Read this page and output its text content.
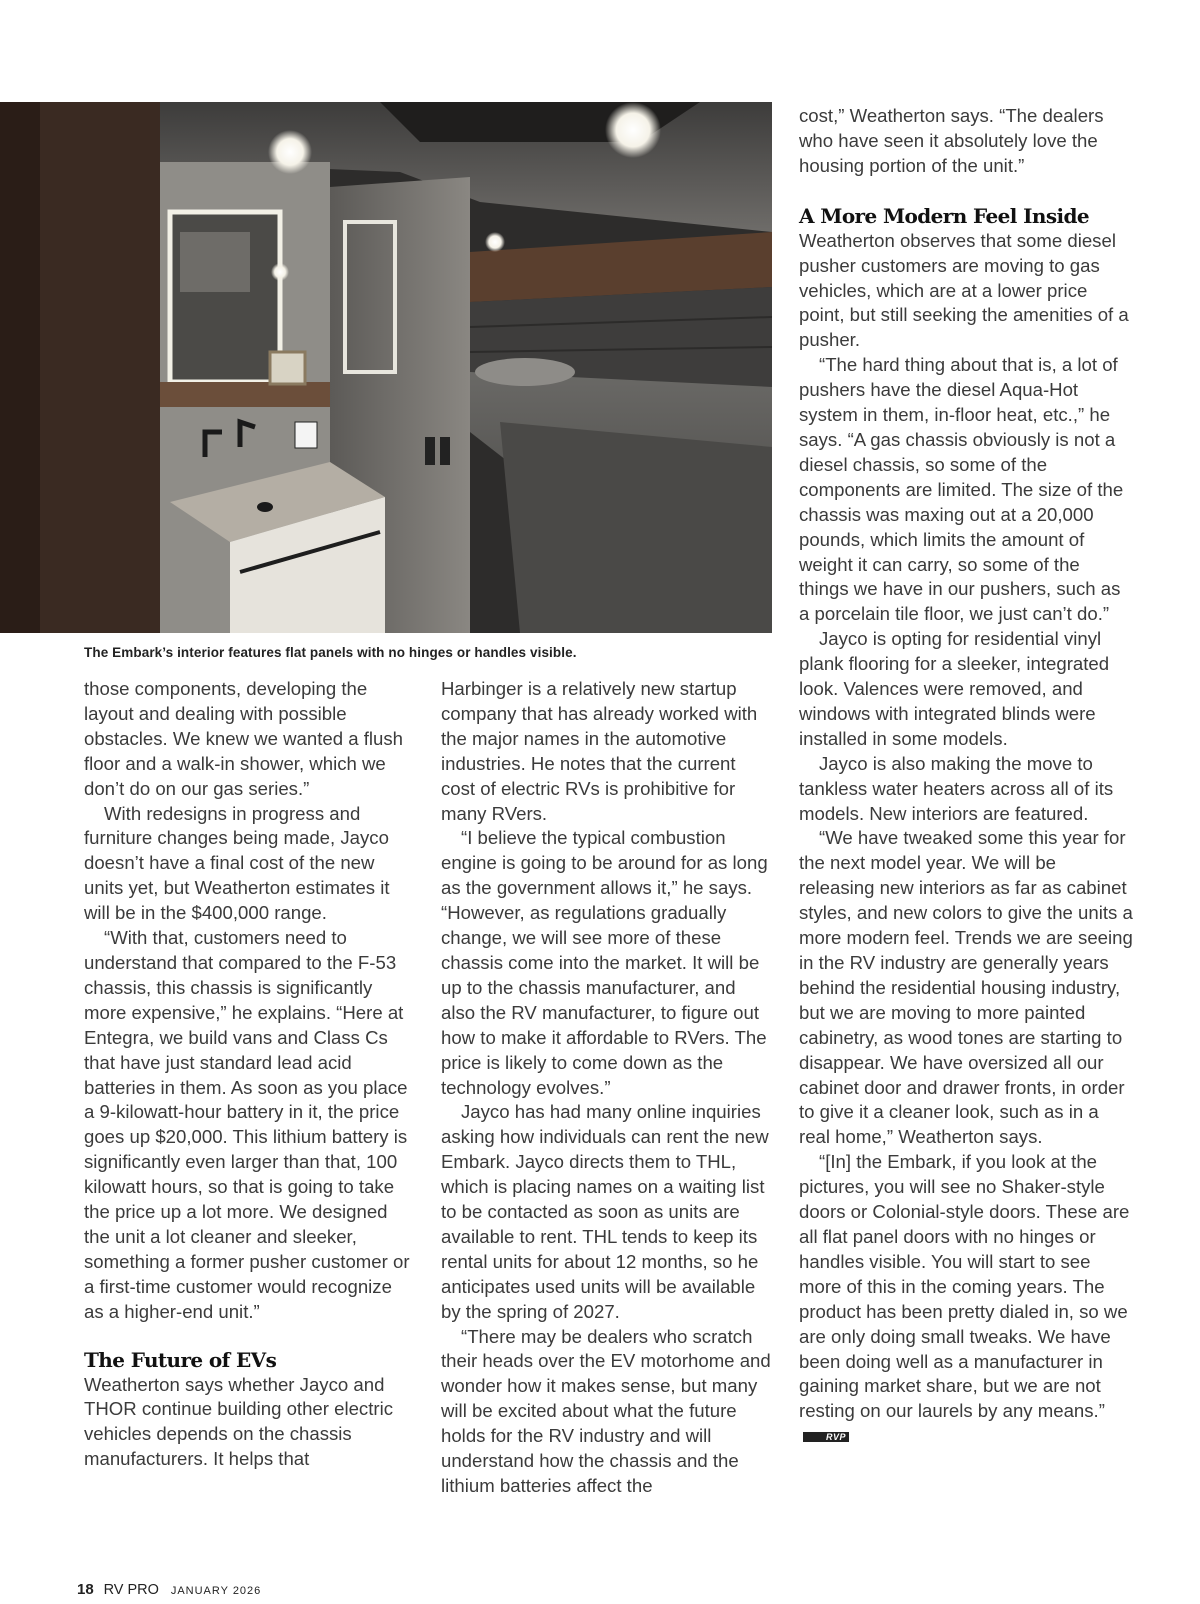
The Embark’s interior features flat panels with no hinges or handles visible.

those components, developing the layout and dealing with possible obstacles. We knew we wanted a flush floor and a walk-in shower, which we don’t do on our gas series.”

With redesigns in progress and furniture changes being made, Jayco doesn’t have a final cost of the new units yet, but Weatherton estimates it will be in the $400,000 range.

“With that, customers need to understand that compared to the F-53 chassis, this chassis is significantly more expensive,” he explains. “Here at Entegra, we build vans and Class Cs that have just standard lead acid batteries in them. As soon as you place a 9-kilowatt-hour battery in it, the price goes up $20,000. This lithium battery is significantly even larger than that, 100 kilowatt hours, so that is going to take the price up a lot more. We designed the unit a lot cleaner and sleeker, something a former pusher customer or a first-time customer would recognize as a higher-end unit.”

The Future of EVs

Weatherton says whether Jayco and THOR continue building other electric vehicles depends on the chassis manufacturers. It helps that

Harbinger is a relatively new startup company that has already worked with the major names in the automotive industries. He notes that the current cost of electric RVs is prohibitive for many RVers.

“I believe the typical combustion engine is going to be around for as long as the government allows it,” he says. “However, as regulations gradually change, we will see more of these chassis come into the market. It will be up to the chassis manufacturer, and also the RV manufacturer, to figure out how to make it affordable to RVers. The price is likely to come down as the technology evolves.”

Jayco has had many online inquiries asking how individuals can rent the new Embark. Jayco directs them to THL, which is placing names on a waiting list to be contacted as soon as units are available to rent. THL tends to keep its rental units for about 12 months, so he anticipates used units will be available by the spring of 2027.

“There may be dealers who scratch their heads over the EV motorhome and wonder how it makes sense, but many will be excited about what the future holds for the RV industry and will understand how the chassis and the lithium batteries affect the

cost,” Weatherton says. “The dealers who have seen it absolutely love the housing portion of the unit.”

A More Modern Feel Inside

Weatherton observes that some diesel pusher customers are moving to gas vehicles, which are at a lower price point, but still seeking the amenities of a pusher.

“The hard thing about that is, a lot of pushers have the diesel Aqua-Hot system in them, in-floor heat, etc.,” he says. “A gas chassis obviously is not a diesel chassis, so some of the components are limited. The size of the chassis was maxing out at a 20,000 pounds, which limits the amount of weight it can carry, so some of the things we have in our pushers, such as a porcelain tile floor, we just can’t do.”

Jayco is opting for residential vinyl plank flooring for a sleeker, integrated look. Valences were removed, and windows with integrated blinds were installed in some models.

Jayco is also making the move to tankless water heaters across all of its models. New interiors are featured.

“We have tweaked some this year for the next model year. We will be releasing new interiors as far as cabinet styles, and new colors to give the units a more modern feel. Trends we are seeing in the RV industry are generally years behind the residential housing industry, but we are moving to more painted cabinetry, as wood tones are starting to disappear. We have oversized all our cabinet door and drawer fronts, in order to give it a cleaner look, such as in a real home,” Weatherton says.

“[In] the Embark, if you look at the pictures, you will see no Shaker-style doors or Colonial-style doors. These are all flat panel doors with no hinges or handles visible. You will start to see more of this in the coming years. The product has been pretty dialed in, so we are only doing small tweaks. We have been doing well as a manufacturer in gaining market share, but we are not resting on our laurels by any means.”RVP

18 RV PRO JANUARY 2026
